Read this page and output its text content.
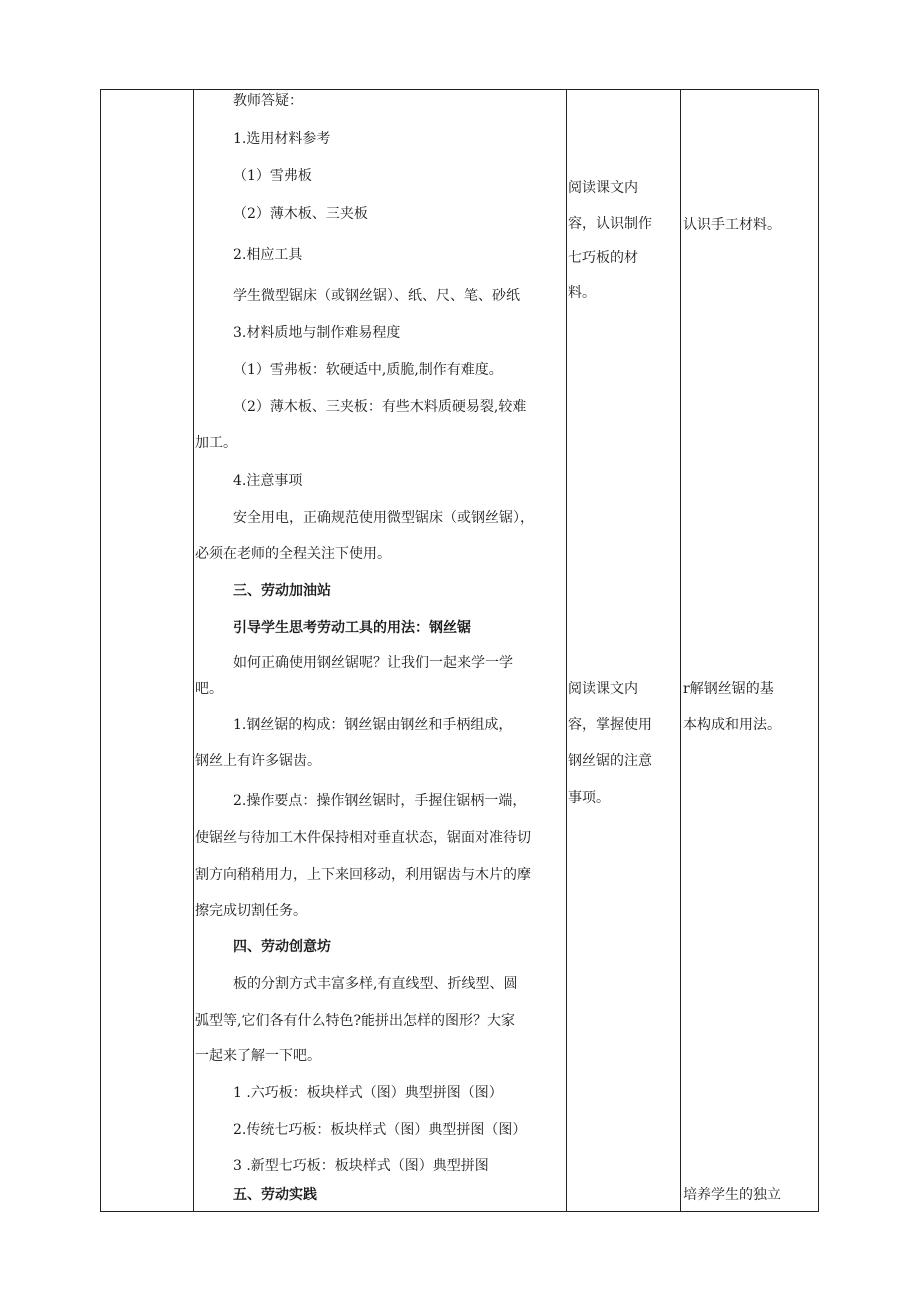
教师答疑：
1.选用材料参考
（1）雪弗板
（2）薄木板、三夹板
2.相应工具
学生微型锯床（或钢丝锯）、纸、尺、笔、砂纸
3.材料质地与制作难易程度
（1）雪弗板：软硬适中,质脆,制作有难度。
（2）薄木板、三夹板：有些木料质硬易裂,较难
加工。
4.注意事项
安全用电，正确规范使用微型锯床（或钢丝锯），
必须在老师的全程关注下使用。
三、劳动加油站
引导学生思考劳动工具的用法：钢丝锯
如何正确使用钢丝锯呢？让我们一起来学一学
吧。
1.钢丝锯的构成：钢丝锯由钢丝和手柄组成，
钢丝上有许多锯齿。
2.操作要点：操作钢丝锯时，手握住锯柄一端，
使锯丝与待加工木件保持相对垂直状态，锯面对准待切
割方向稍稍用力，上下来回移动，利用锯齿与木片的摩
擦完成切割任务。
四、劳动创意坊
板的分割方式丰富多样,有直线型、折线型、圆
弧型等,它们各有什么特色?能拼出怎样的图形？大家
一起来了解一下吧。
1 .六巧板：板块样式（图）典型拼图（图）
2.传统七巧板：板块样式（图）典型拼图（图）
3 .新型七巧板：板块样式（图）典型拼图
五、劳动实践
阅读课文内
容，认识制作
七巧板的材
料。
阅读课文内
容，掌握使用
钢丝锯的注意
事项。
认识手工材料。
r解钢丝锯的基
本构成和用法。
培养学生的独立
